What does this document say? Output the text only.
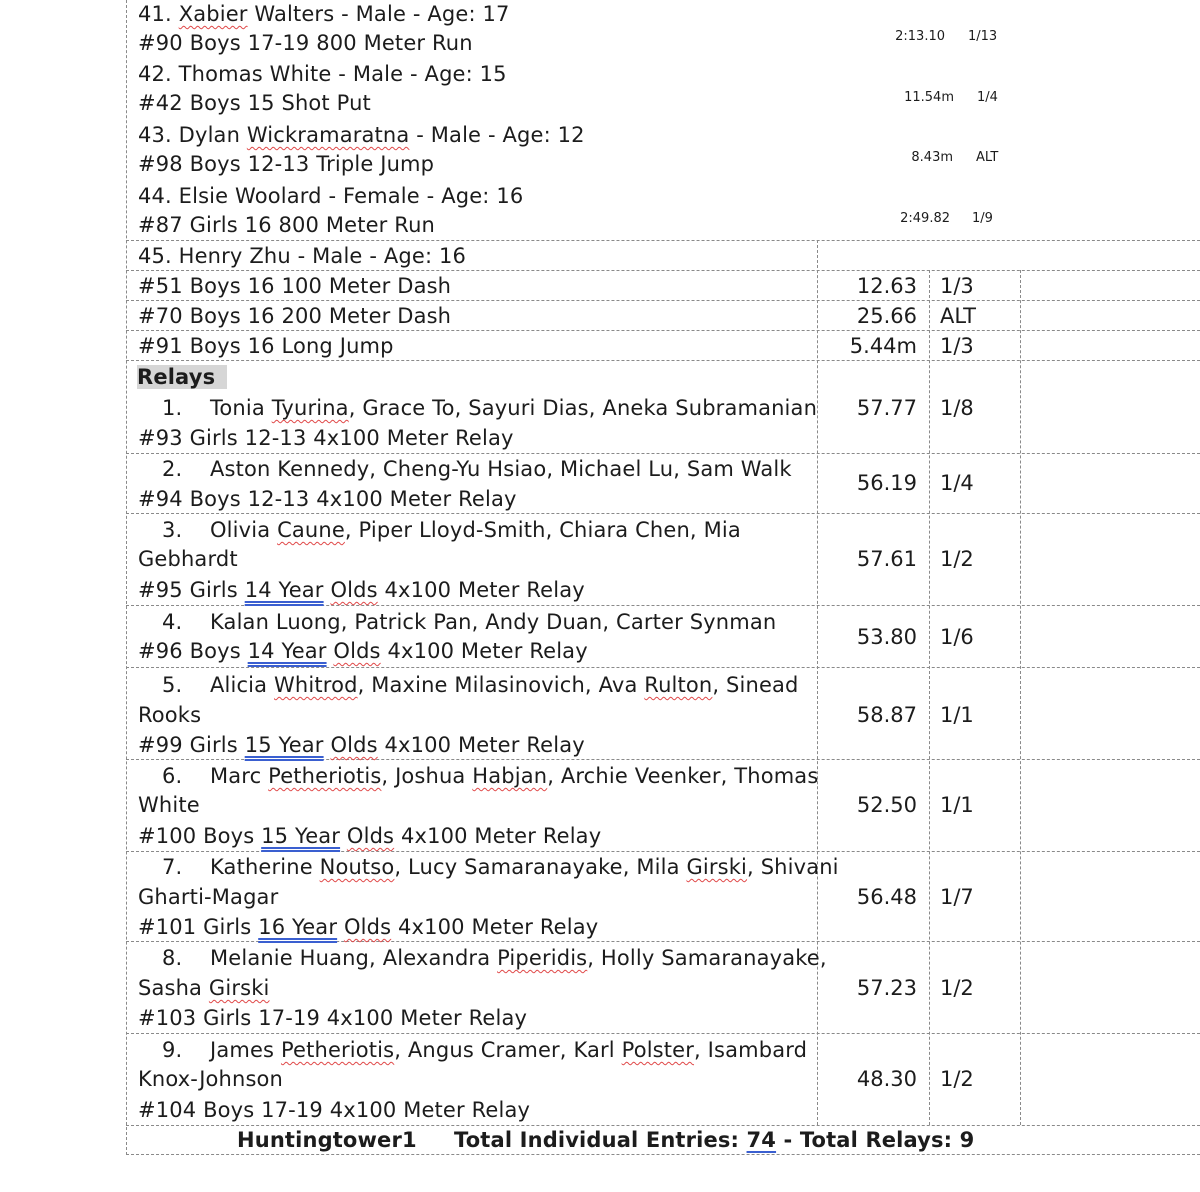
41. Xabier Walters - Male - Age: 17
#90 Boys 17-19 800 Meter Run	2:13.10 1/13
42. Thomas White - Male - Age: 15
#42 Boys 15 Shot Put	11.54m 1/4
43. Dylan Wickramaratna - Male - Age: 12
#98 Boys 12-13 Triple Jump	8.43m ALT
44. Elsie Woolard - Female - Age: 16
#87 Girls 16 800 Meter Run	2:49.82 1/9
45. Henry Zhu - Male - Age: 16
#51 Boys 16 100 Meter Dash	12.63 1/3
#70 Boys 16 200 Meter Dash	25.66 ALT
#91 Boys 16 Long Jump	5.44m 1/3
Relays
1. Tonia Tyurina, Grace To, Sayuri Dias, Aneka Subramanian
#93 Girls 12-13 4x100 Meter Relay
57.77 1/8
2. Aston Kennedy, Cheng-Yu Hsiao, Michael Lu, Sam Walk
#94 Boys 12-13 4x100 Meter Relay
56.19 1/4
3. Olivia Caune, Piper Lloyd-Smith, Chiara Chen, Mia
Gebhardt
#95 Girls 14 Year Olds 4x100 Meter Relay
57.61 1/2
4. Kalan Luong, Patrick Pan, Andy Duan, Carter Synman
#96 Boys 14 Year Olds 4x100 Meter Relay
53.80 1/6
5. Alicia Whitrod, Maxine Milasinovich, Ava Rulton, Sinead
Rooks
#99 Girls 15 Year Olds 4x100 Meter Relay
58.87 1/1
6. Marc Petheriotis, Joshua Habjan, Archie Veenker, Thomas
White
#100 Boys 15 Year Olds 4x100 Meter Relay
52.50 1/1
7. Katherine Noutso, Lucy Samaranayake, Mila Girski, Shivani
Gharti-Magar
#101 Girls 16 Year Olds 4x100 Meter Relay
56.48 1/7
8. Melanie Huang, Alexandra Piperidis, Holly Samaranayake,
Sasha Girski
#103 Girls 17-19 4x100 Meter Relay
57.23 1/2
9. James Petheriotis, Angus Cramer, Karl Polster, Isambard
Knox-Johnson
#104 Boys 17-19 4x100 Meter Relay
48.30 1/2
Huntingtower1 Total Individual Entries: 74 - Total Relays: 9
